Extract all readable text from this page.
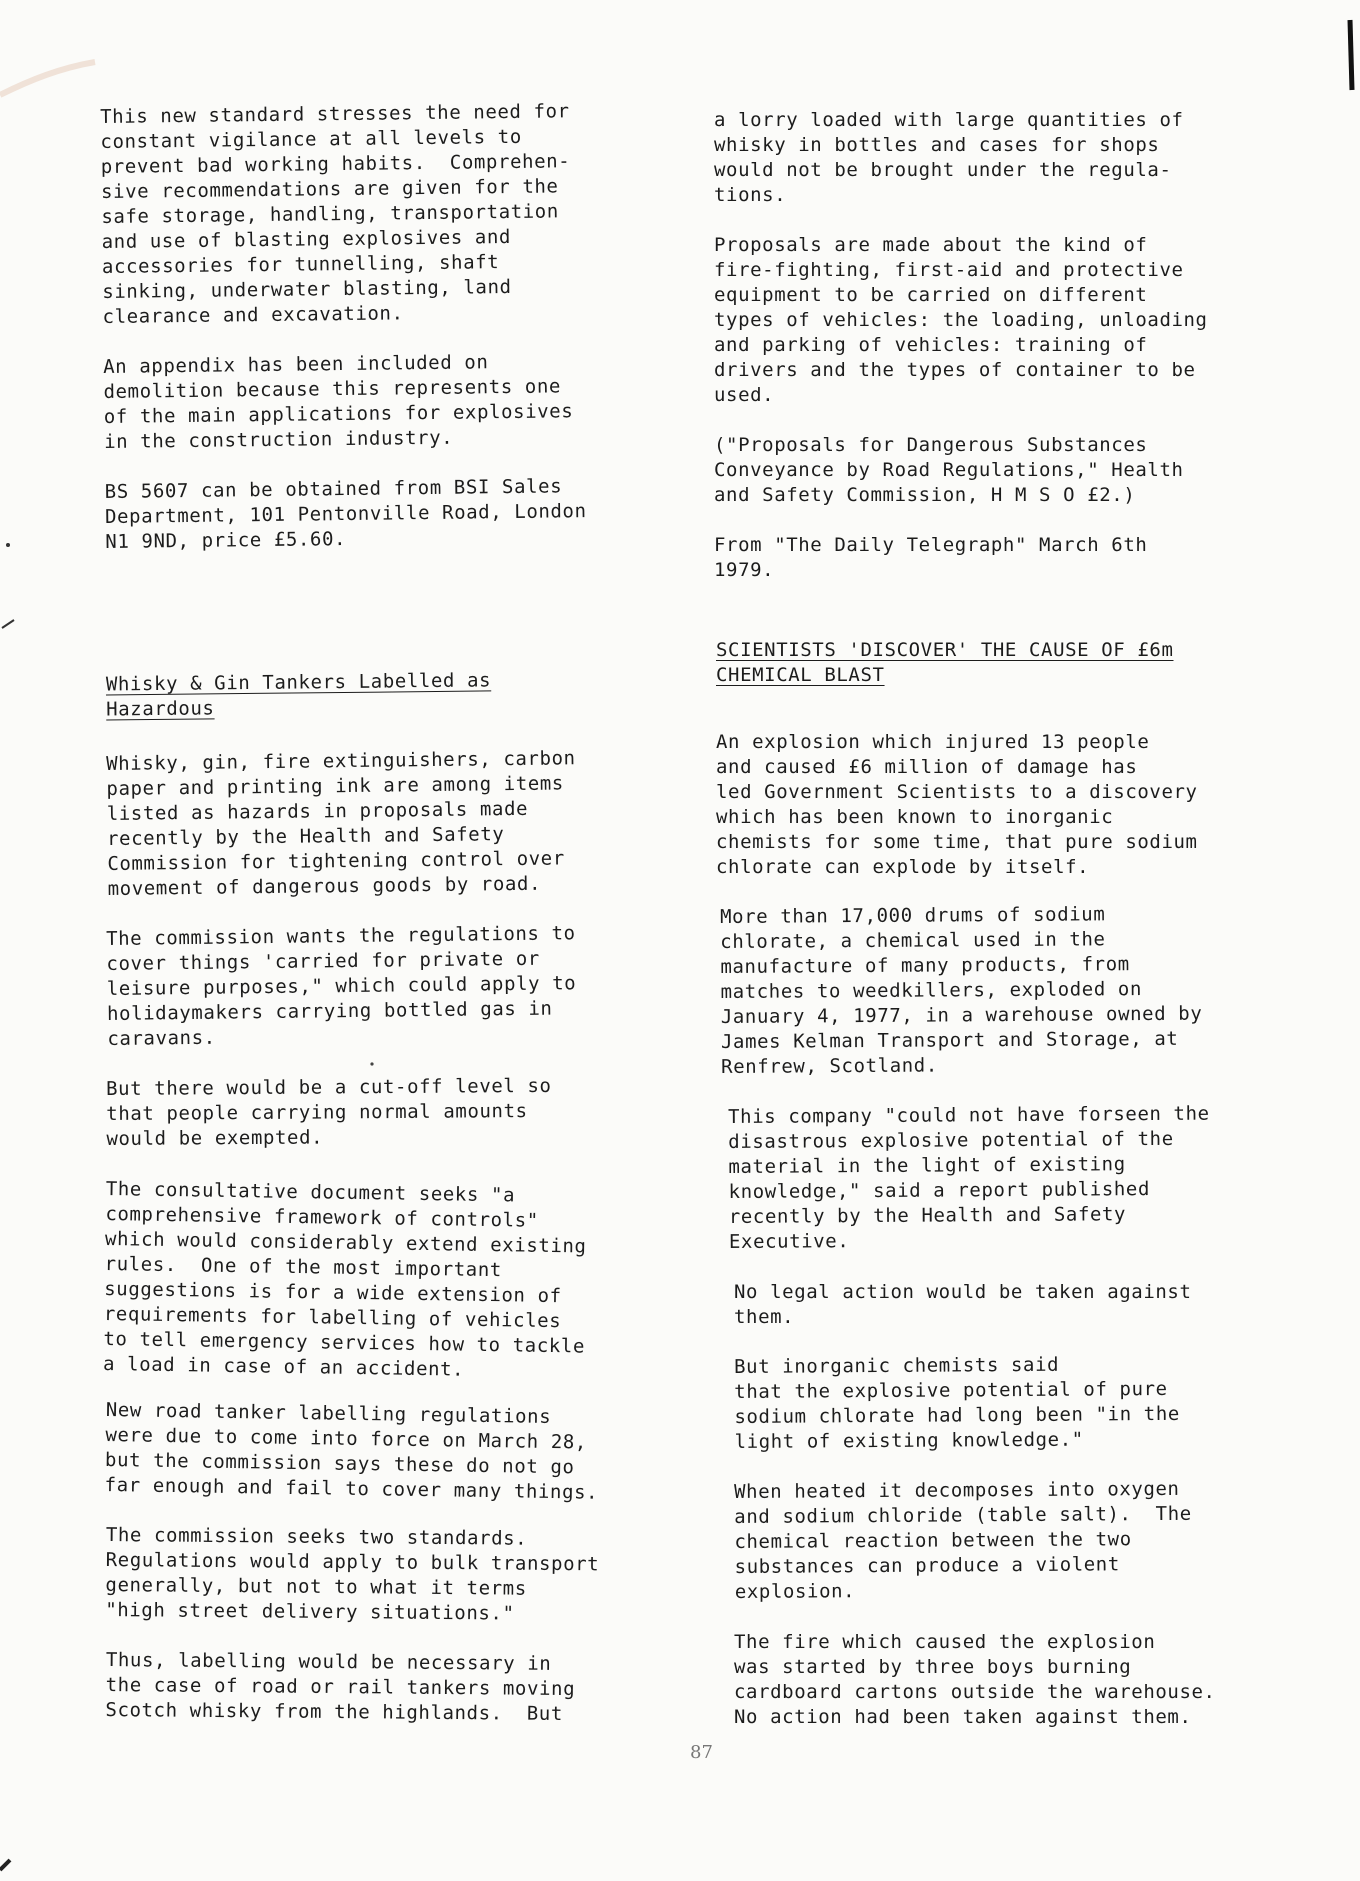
This new standard stresses the need for
constant vigilance at all levels to
prevent bad working habits.  Comprehen-
sive recommendations are given for the
safe storage, handling, transportation
and use of blasting explosives and
accessories for tunnelling, shaft
sinking, underwater blasting, land
clearance and excavation.

An appendix has been included on
demolition because this represents one
of the main applications for explosives
in the construction industry.

BS 5607 can be obtained from BSI Sales
Department, 101 Pentonville Road, London
N1 9ND, price £5.60.

Whisky & Gin Tankers Labelled as
Hazardous

Whisky, gin, fire extinguishers, carbon
paper and printing ink are among items
listed as hazards in proposals made
recently by the Health and Safety
Commission for tightening control over
movement of dangerous goods by road.

The commission wants the regulations to
cover things 'carried for private or
leisure purposes," which could apply to
holidaymakers carrying bottled gas in
caravans.

But there would be a cut-off level so
that people carrying normal amounts
would be exempted.

The consultative document seeks "a
comprehensive framework of controls"
which would considerably extend existing
rules.  One of the most important
suggestions is for a wide extension of
requirements for labelling of vehicles
to tell emergency services how to tackle
a load in case of an accident.

New road tanker labelling regulations
were due to come into force on March 28,
but the commission says these do not go
far enough and fail to cover many things.

The commission seeks two standards.
Regulations would apply to bulk transport
generally, but not to what it terms
"high street delivery situations."

Thus, labelling would be necessary in
the case of road or rail tankers moving
Scotch whisky from the highlands.  But

a lorry loaded with large quantities of
whisky in bottles and cases for shops
would not be brought under the regula-
tions.

Proposals are made about the kind of
fire-fighting, first-aid and protective
equipment to be carried on different
types of vehicles: the loading, unloading
and parking of vehicles: training of
drivers and the types of container to be
used.

("Proposals for Dangerous Substances
Conveyance by Road Regulations," Health
and Safety Commission, H M S O £2.)

From "The Daily Telegraph" March 6th
1979.

SCIENTISTS 'DISCOVER' THE CAUSE OF £6m
CHEMICAL BLAST

An explosion which injured 13 people
and caused £6 million of damage has
led Government Scientists to a discovery
which has been known to inorganic
chemists for some time, that pure sodium
chlorate can explode by itself.

More than 17,000 drums of sodium
chlorate, a chemical used in the
manufacture of many products, from
matches to weedkillers, exploded on
January 4, 1977, in a warehouse owned by
James Kelman Transport and Storage, at
Renfrew, Scotland.

This company "could not have forseen the
disastrous explosive potential of the
material in the light of existing
knowledge," said a report published
recently by the Health and Safety
Executive.

No legal action would be taken against
them.

But inorganic chemists said
that the explosive potential of pure
sodium chlorate had long been "in the
light of existing knowledge."

When heated it decomposes into oxygen
and sodium chloride (table salt).  The
chemical reaction between the two
substances can produce a violent
explosion.

The fire which caused the explosion
was started by three boys burning
cardboard cartons outside the warehouse.
No action had been taken against them.

87
